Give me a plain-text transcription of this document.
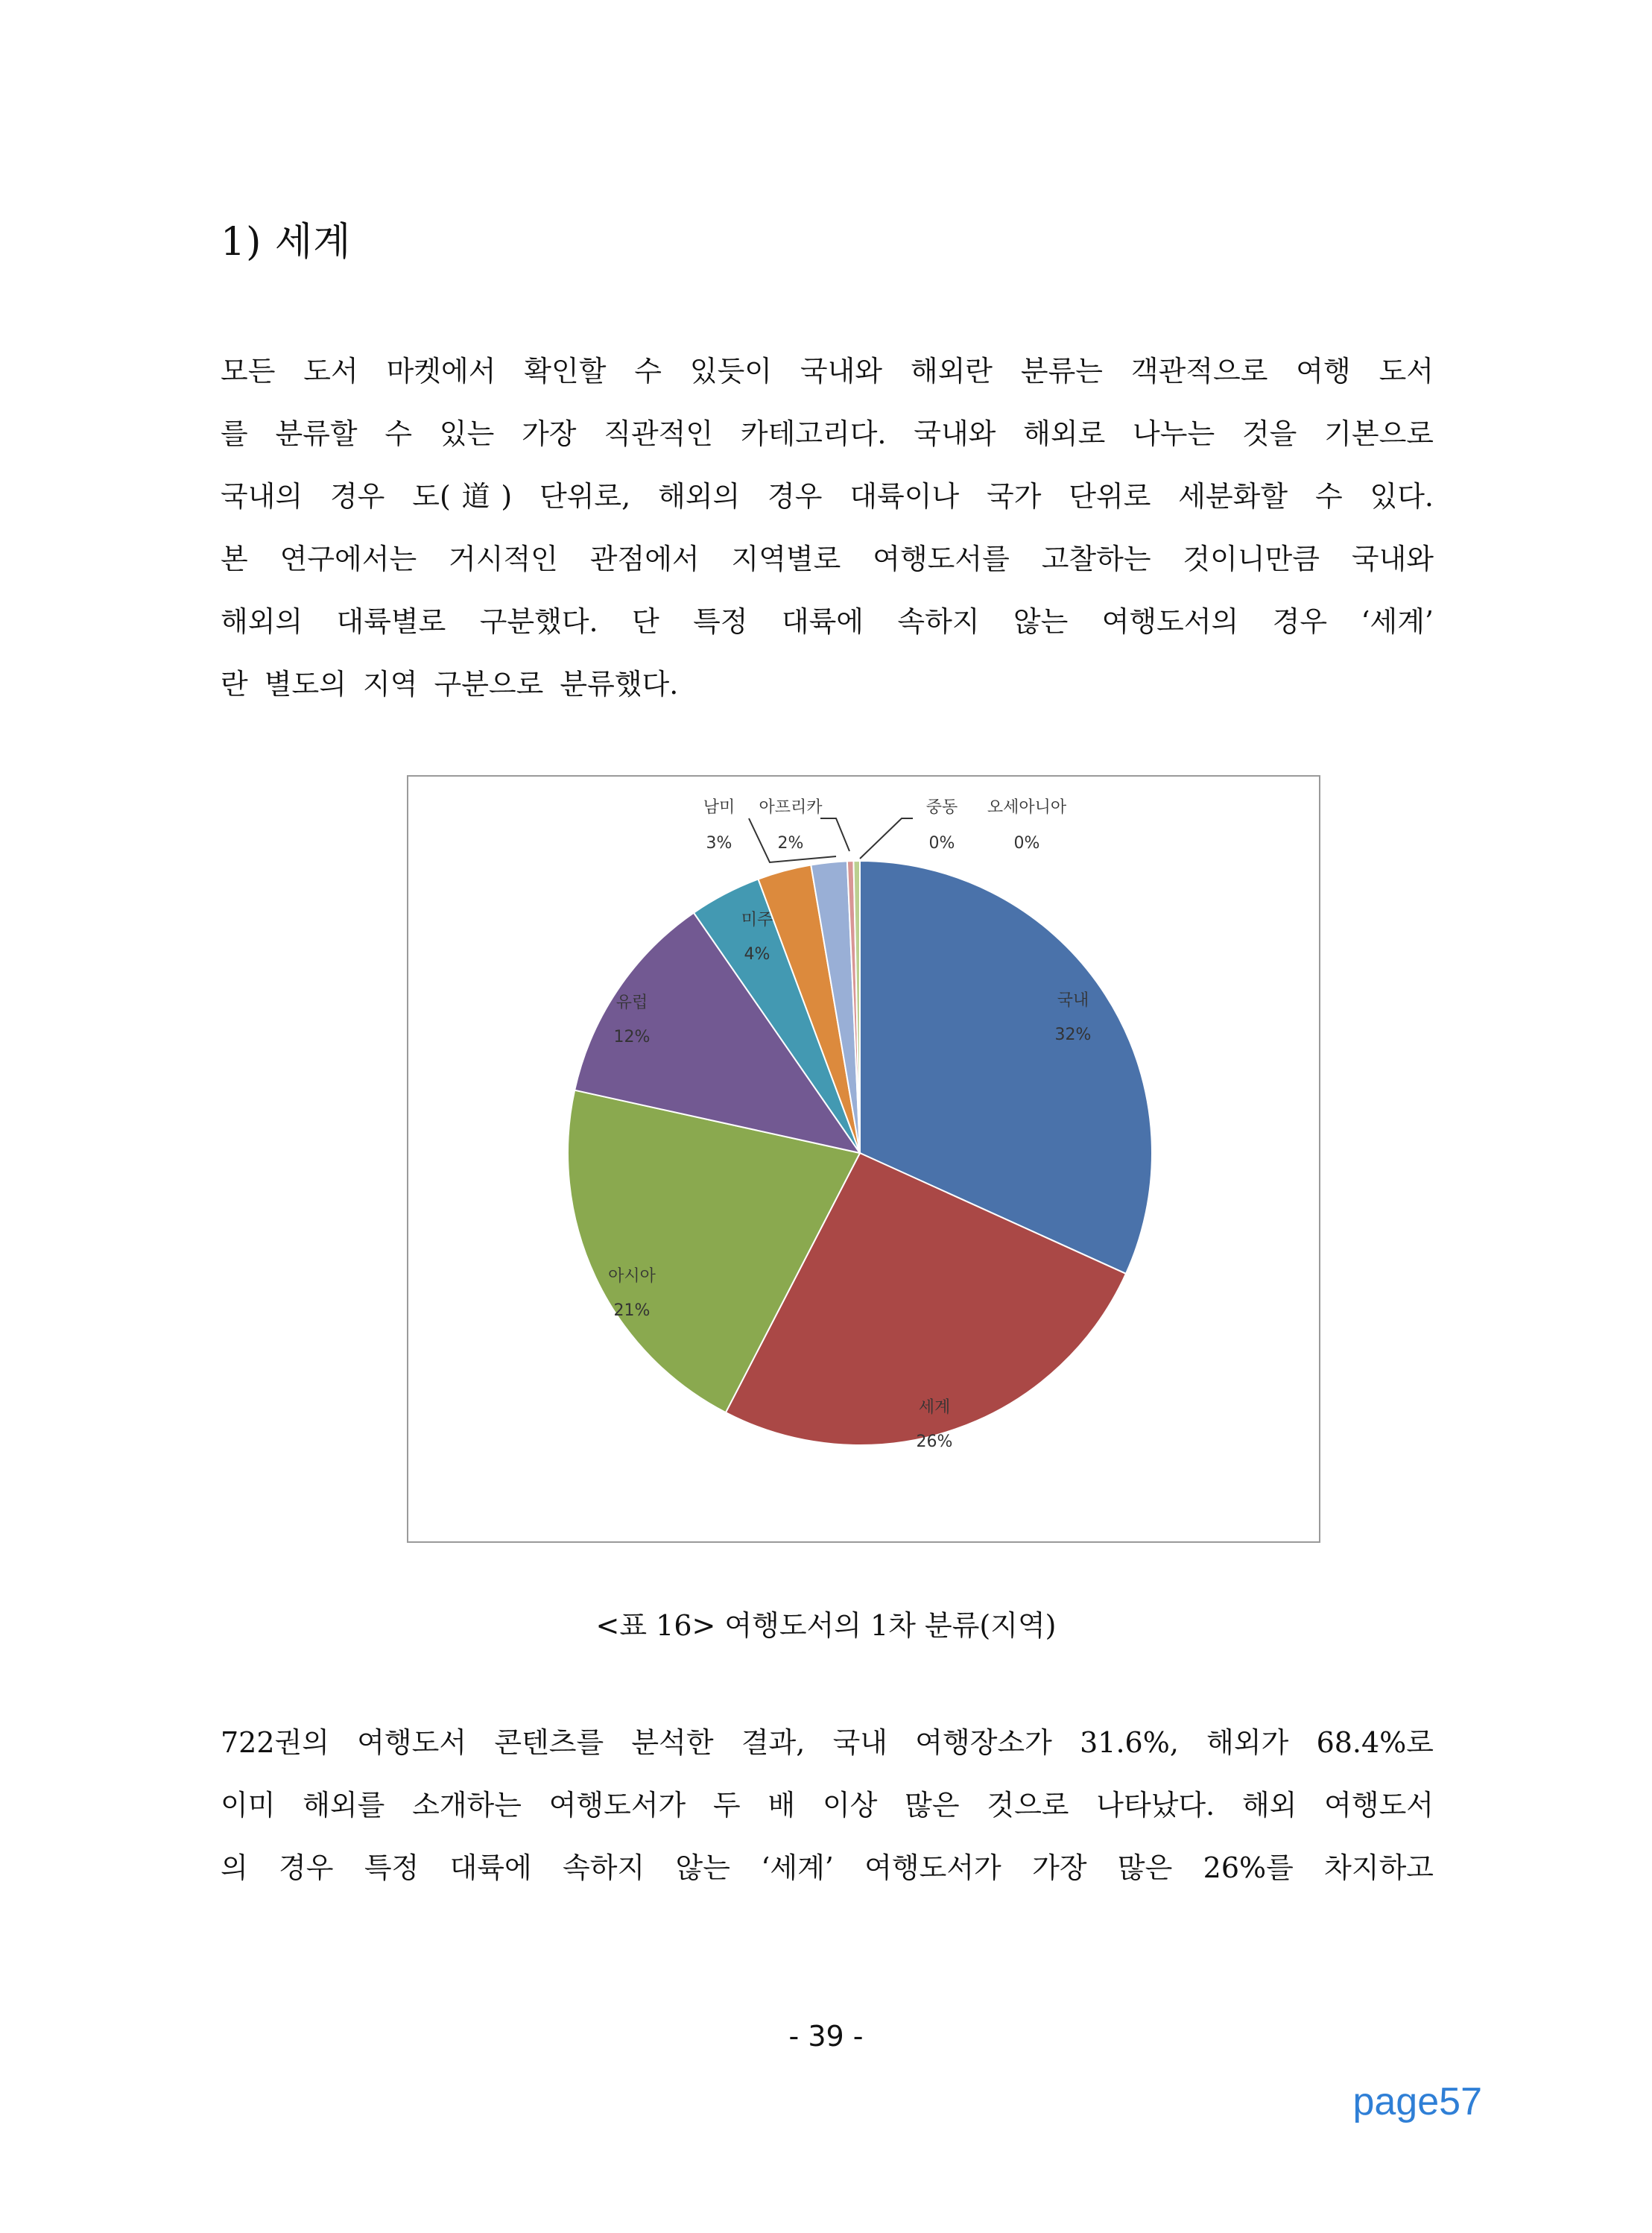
1) 세계
모든 도서 마켓에서 확인할 수 있듯이 국내와 해외란 분류는 객관적으로 여행 도서
를 분류할 수 있는 가장 직관적인 카테고리다. 국내와 해외로 나누는 것을 기본으로
국내의 경우 도(道) 단위로, 해외의 경우 대륙이나 국가 단위로 세분화할 수 있다.
본 연구에서는 거시적인 관점에서 지역별로 여행도서를 고찰하는 것이니만큼 국내와
해외의 대륙별로 구분했다. 단 특정 대륙에 속하지 않는 여행도서의 경우 ‘세계’
란 별도의 지역 구분으로 분류했다.
국내
32%
세계
26%
아시아
21%
유럽
12%
미주
4%
남미
3%
아프리카
2%
중동
0%
오세아니아
0%

<표 16> 여행도서의 1차 분류(지역)

722권의 여행도서 콘텐츠를 분석한 결과, 국내 여행장소가 31.6%, 해외가 68.4%로
이미 해외를 소개하는 여행도서가 두 배 이상 많은 것으로 나타났다. 해외 여행도서
의 경우 특정 대륙에 속하지 않는 ‘세계’ 여행도서가 가장 많은 26%를 차지하고

- 39 -

page57
